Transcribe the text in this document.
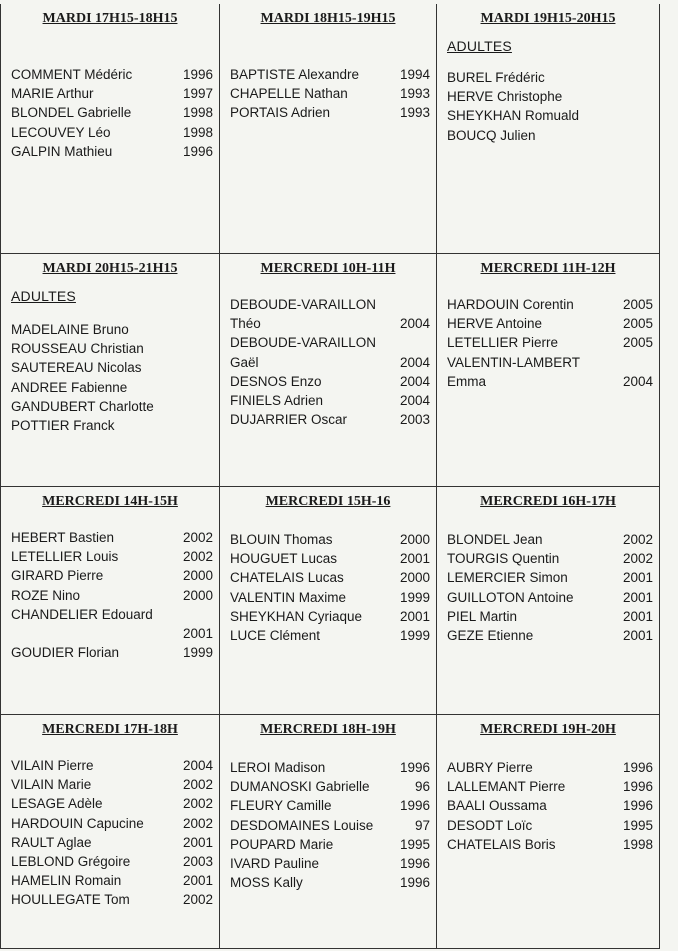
MARDI 17H15-18H15
COMMENT Médéric	1996
MARIE Arthur	1997
BLONDEL Gabrielle	1998
LECOUVEY Léo	1998
GALPIN Mathieu	1996
MARDI 18H15-19H15
BAPTISTE Alexandre	1994
CHAPELLE Nathan	1993
PORTAIS Adrien	1993
MARDI 19H15-20H15
ADULTES
BUREL Frédéric
HERVE Christophe
SHEYKHAN Romuald
BOUCQ Julien
MARDI 20H15-21H15
ADULTES
MADELAINE Bruno
ROUSSEAU Christian
SAUTEREAU Nicolas
ANDREE Fabienne
GANDUBERT Charlotte
POTTIER Franck
MERCREDI 10H-11H
DEBOUDE-VARAILLON
Théo	2004
DEBOUDE-VARAILLON
Gaël	2004
DESNOS Enzo	2004
FINIELS Adrien	2004
DUJARRIER Oscar	2003
MERCREDI 11H-12H
HARDOUIN Corentin	2005
HERVE Antoine	2005
LETELLIER Pierre	2005
VALENTIN-LAMBERT
Emma	2004
MERCREDI 14H-15H
HEBERT Bastien	2002
LETELLIER Louis	2002
GIRARD Pierre	2000
ROZE Nino	2000
CHANDELIER Edouard
2001
GOUDIER Florian	1999
MERCREDI 15H-16
BLOUIN Thomas	2000
HOUGUET Lucas	2001
CHATELAIS Lucas	2000
VALENTIN Maxime	1999
SHEYKHAN Cyriaque	2001
LUCE Clément	1999
MERCREDI 16H-17H
BLONDEL Jean	2002
TOURGIS Quentin	2002
LEMERCIER Simon	2001
GUILLOTON Antoine	2001
PIEL Martin	2001
GEZE Etienne	2001
MERCREDI 17H-18H
VILAIN Pierre	2004
VILAIN Marie	2002
LESAGE Adèle	2002
HARDOUIN Capucine	2002
RAULT Aglae	2001
LEBLOND Grégoire	2003
HAMELIN Romain	2001
HOULLEGATE Tom	2002
MERCREDI 18H-19H
LEROI Madison	1996
DUMANOSKI Gabrielle	96
FLEURY Camille	1996
DESDOMAINES Louise	97
POUPARD Marie	1995
IVARD Pauline	1996
MOSS Kally	1996
MERCREDI 19H-20H
AUBRY Pierre	1996
LALLEMANT Pierre	1996
BAALI Oussama	1996
DESODT Loïc	1995
CHATELAIS Boris	1998
